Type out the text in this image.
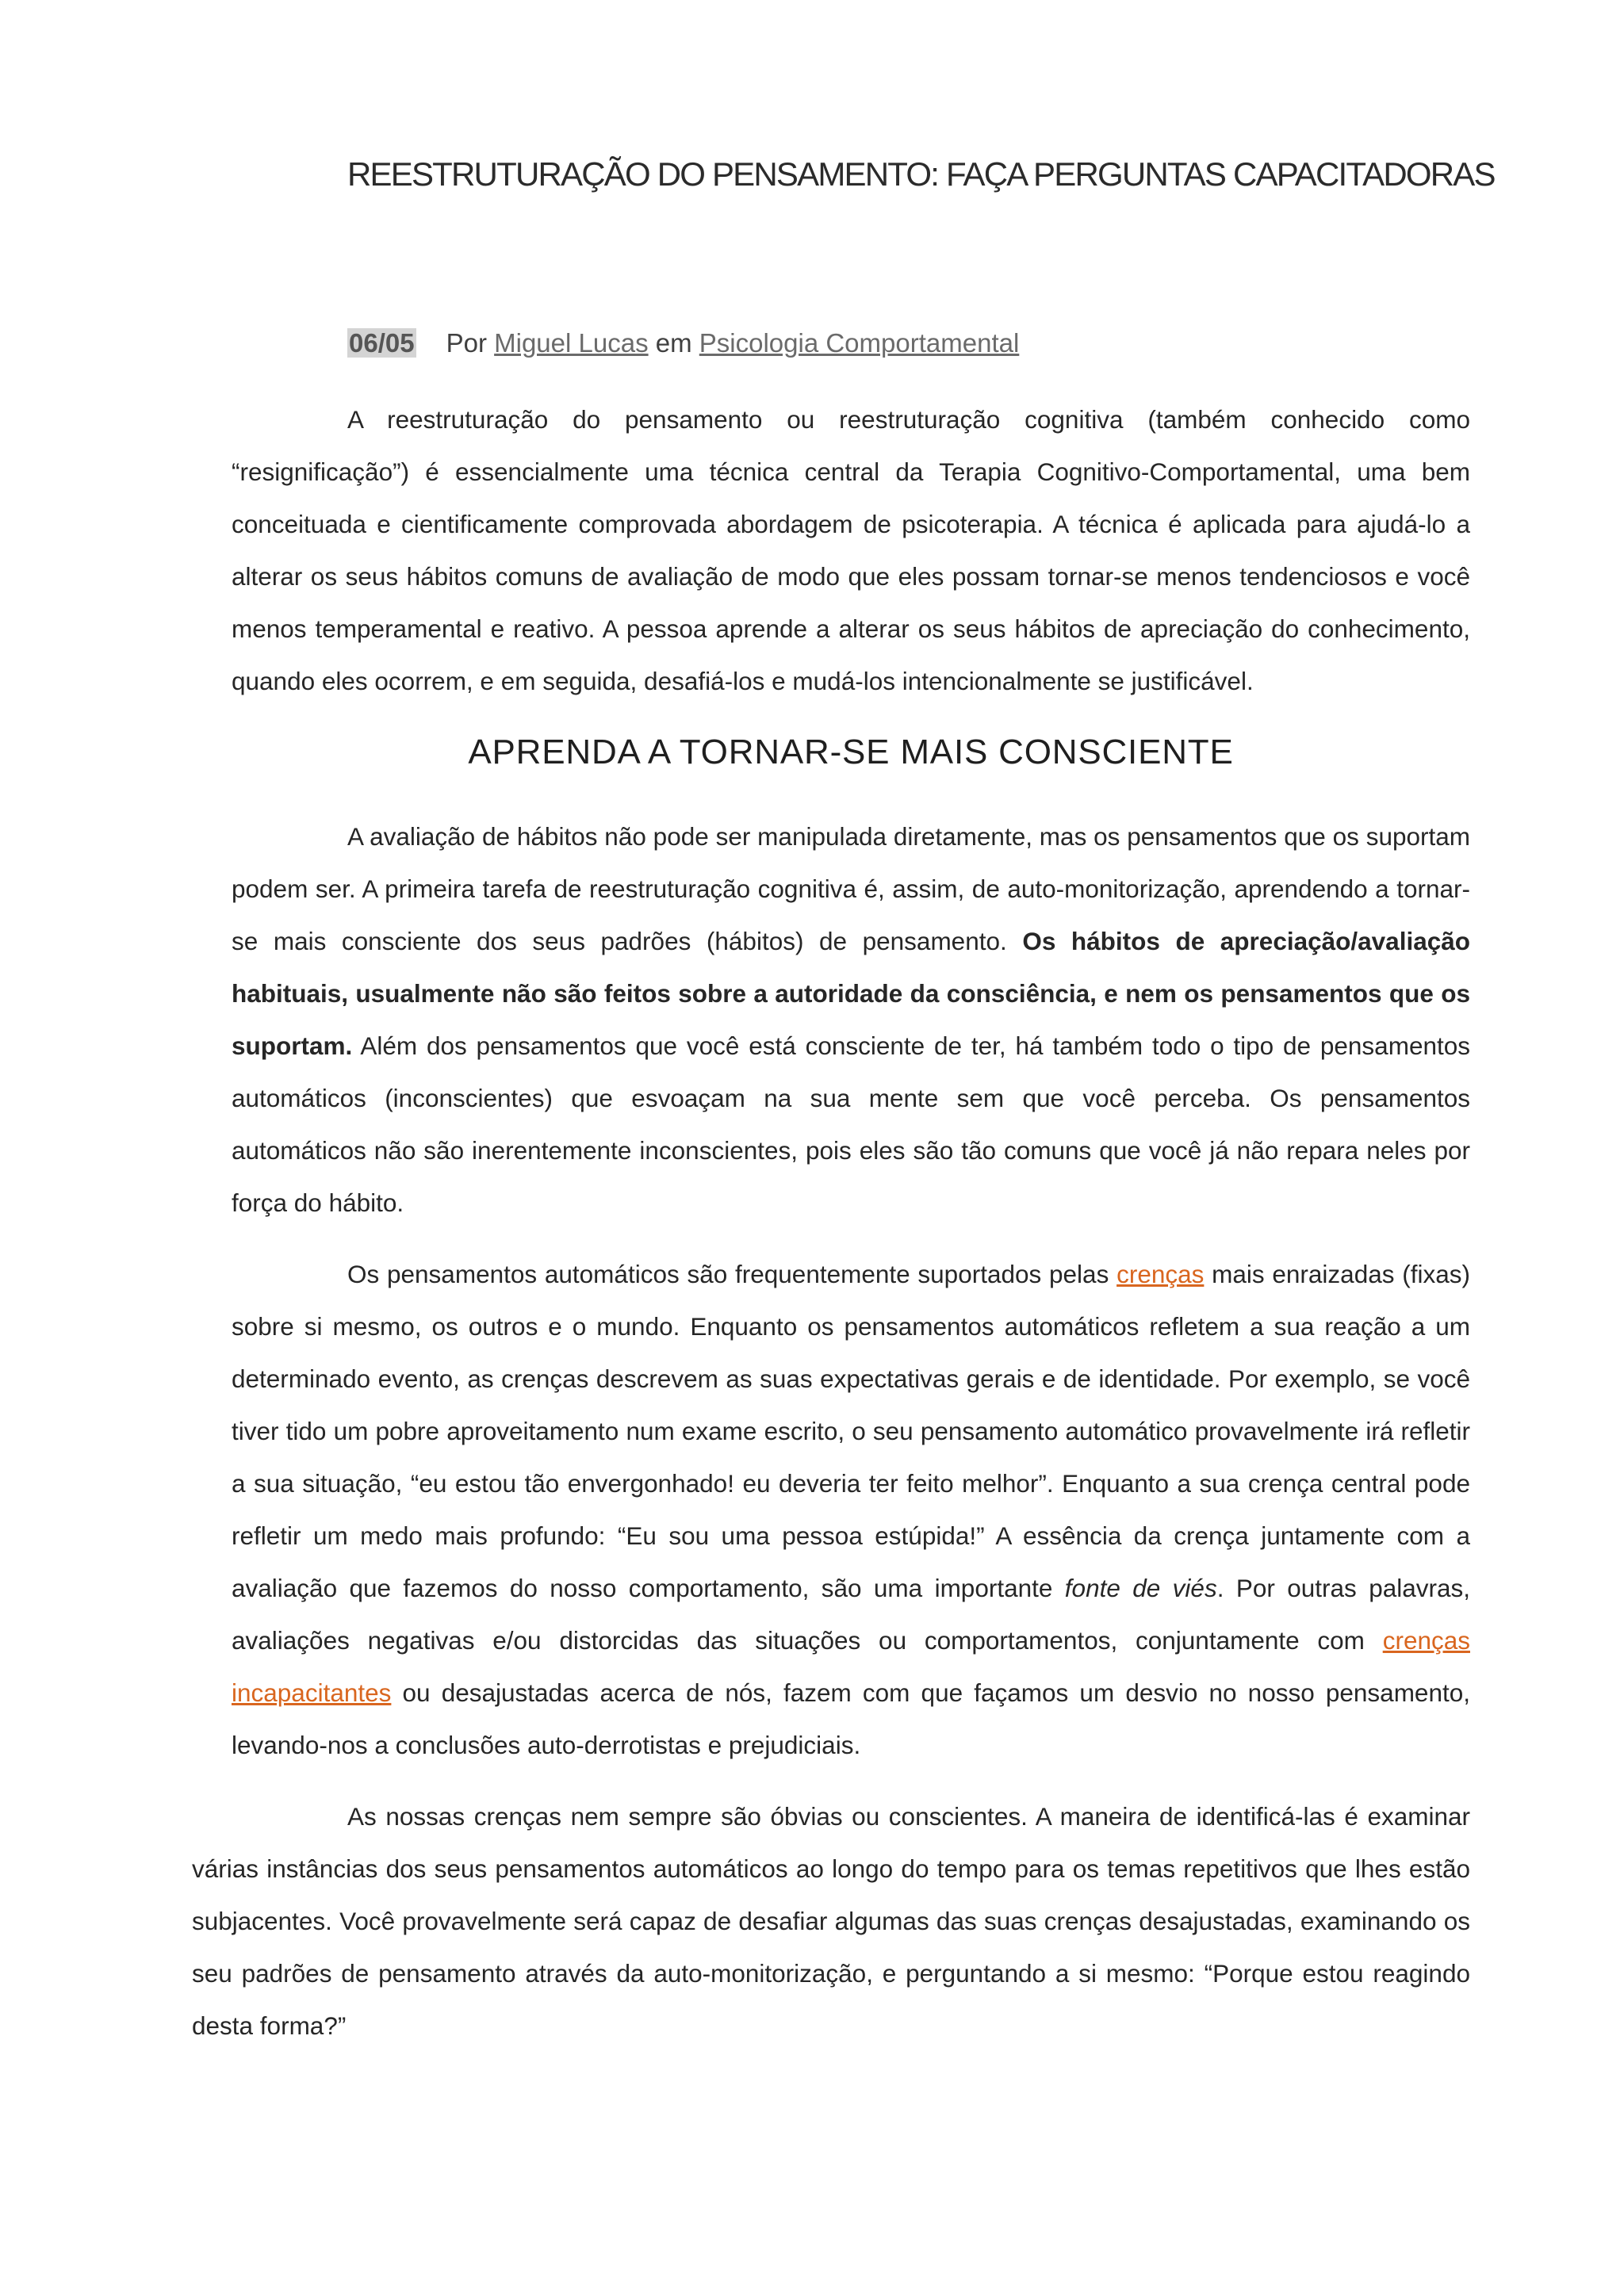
REESTRUTURAÇÃO DO PENSAMENTO: FAÇA PERGUNTAS CAPACITADORAS
06/05 Por Miguel Lucas em Psicologia Comportamental

A reestruturação do pensamento ou reestruturação cognitiva (também conhecido como “resignificação”) é essencialmente uma técnica central da Terapia Cognitivo-Comportamental, uma bem conceituada e cientificamente comprovada abordagem de psicoterapia. A técnica é aplicada para ajudá-lo a alterar os seus hábitos comuns de avaliação de modo que eles possam tornar-se menos tendenciosos e você menos temperamental e reativo. A pessoa aprende a alterar os seus hábitos de apreciação do conhecimento, quando eles ocorrem, e em seguida, desafiá-los e mudá-los intencionalmente se justificável.

APRENDA A TORNAR-SE MAIS CONSCIENTE

A avaliação de hábitos não pode ser manipulada diretamente, mas os pensamentos que os suportam podem ser. A primeira tarefa de reestruturação cognitiva é, assim, de auto-monitorização, aprendendo a tornar-se mais consciente dos seus padrões (hábitos) de pensamento. Os hábitos de apreciação/avaliação habituais, usualmente não são feitos sobre a autoridade da consciência, e nem os pensamentos que os suportam. Além dos pensamentos que você está consciente de ter, há também todo o tipo de pensamentos automáticos (inconscientes) que esvoaçam na sua mente sem que você perceba. Os pensamentos automáticos não são inerentemente inconscientes, pois eles são tão comuns que você já não repara neles por força do hábito.

Os pensamentos automáticos são frequentemente suportados pelas crenças mais enraizadas (fixas) sobre si mesmo, os outros e o mundo. Enquanto os pensamentos automáticos refletem a sua reação a um determinado evento, as crenças descrevem as suas expectativas gerais e de identidade. Por exemplo, se você tiver tido um pobre aproveitamento num exame escrito, o seu pensamento automático provavelmente irá refletir a sua situação, “eu estou tão envergonhado! eu deveria ter feito melhor”. Enquanto a sua crença central pode refletir um medo mais profundo: “Eu sou uma pessoa estúpida!” A essência da crença juntamente com a avaliação que fazemos do nosso comportamento, são uma importante fonte de viés. Por outras palavras, avaliações negativas e/ou distorcidas das situações ou comportamentos, conjuntamente com crenças incapacitantes ou desajustadas acerca de nós, fazem com que façamos um desvio no nosso pensamento, levando-nos a conclusões auto-derrotistas e prejudiciais.

As nossas crenças nem sempre são óbvias ou conscientes. A maneira de identificá-las é examinar várias instâncias dos seus pensamentos automáticos ao longo do tempo para os temas repetitivos que lhes estão subjacentes. Você provavelmente será capaz de desafiar algumas das suas crenças desajustadas, examinando os seu padrões de pensamento através da auto-monitorização, e perguntando a si mesmo: “Porque estou reagindo desta forma?”
